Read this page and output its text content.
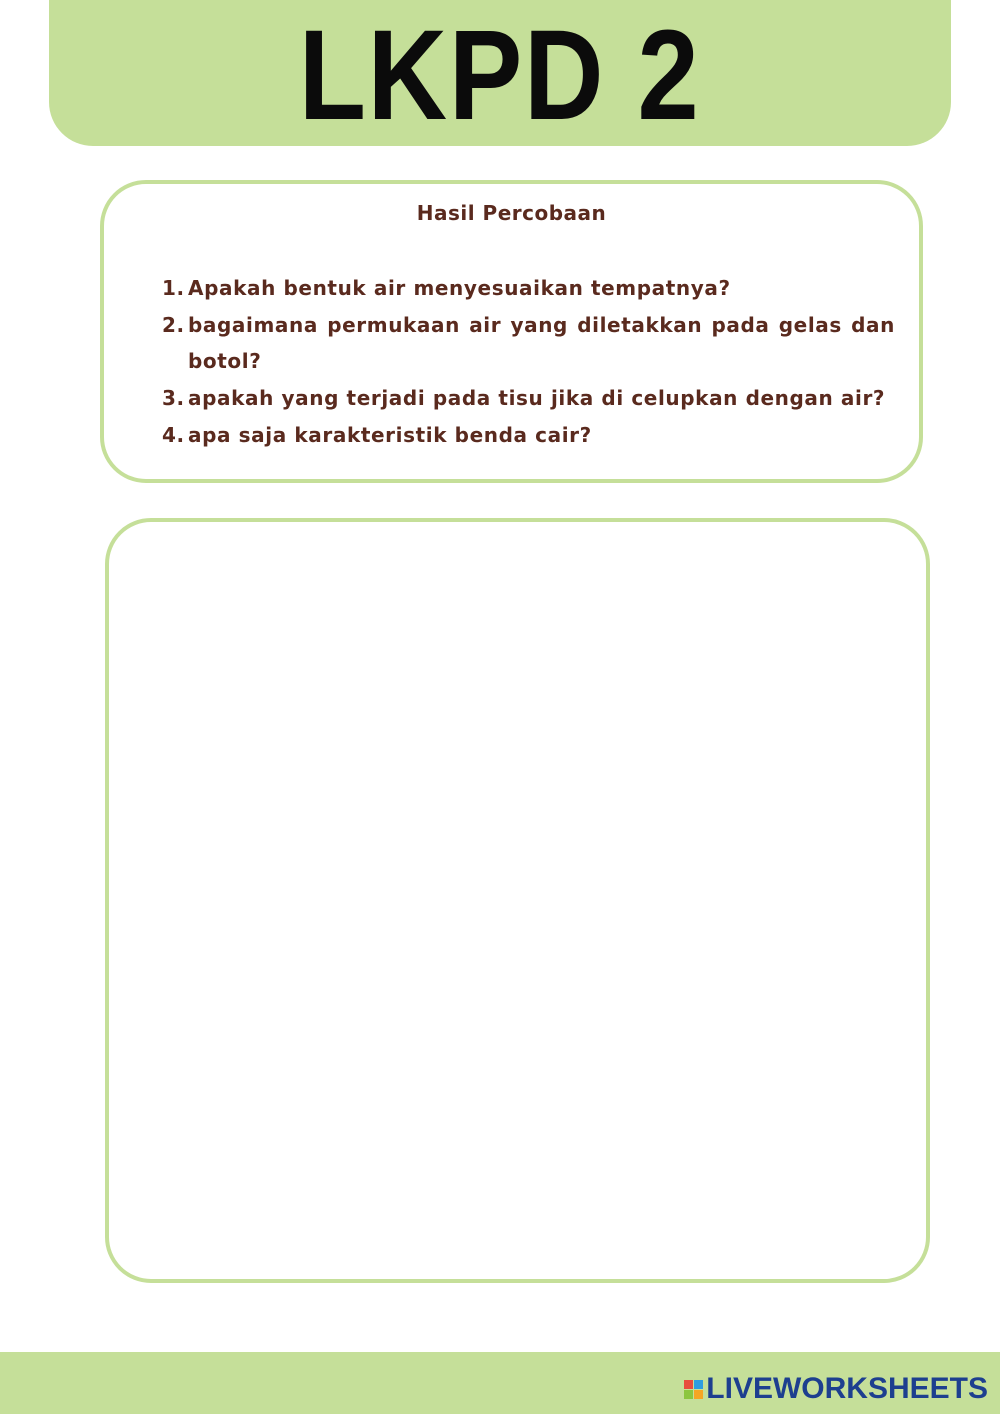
LKPD 2
Hasil Percobaan
1. Apakah bentuk air menyesuaikan tempatnya?
2. bagaimana permukaan air yang diletakkan pada gelas dan botol?
3. apakah yang terjadi pada tisu jika di celupkan dengan air?
4. apa saja karakteristik benda cair?
LIVEWORKSHEETS
